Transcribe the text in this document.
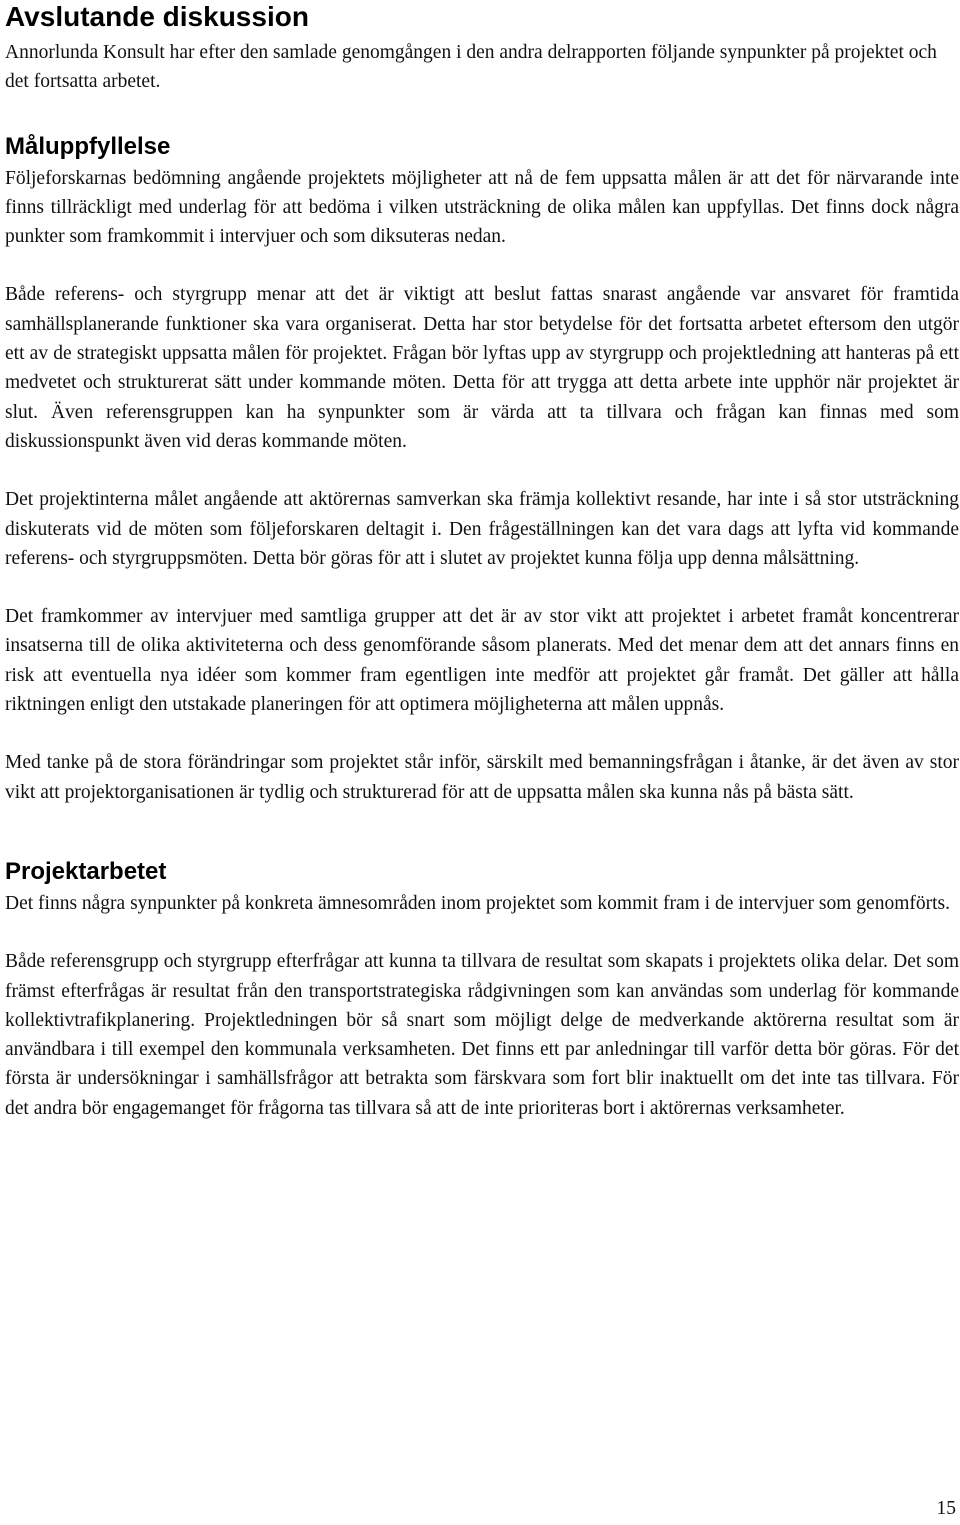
Avslutande diskussion

Annorlunda Konsult har efter den samlade genomgången i den andra delrapporten följande synpunkter på projektet och det fortsatta arbetet.

Måluppfyllelse

Följeforskarnas bedömning angående projektets möjligheter att nå de fem uppsatta målen är att det för närvarande inte finns tillräckligt med underlag för att bedöma i vilken utsträckning de olika målen kan uppfyllas. Det finns dock några punkter som framkommit i intervjuer och som diksuteras nedan.

Både referens- och styrgrupp menar att det är viktigt att beslut fattas snarast angående var ansvaret för framtida samhällsplanerande funktioner ska vara organiserat. Detta har stor betydelse för det fortsatta arbetet eftersom den utgör ett av de strategiskt uppsatta målen för projektet. Frågan bör lyftas upp av styrgrupp och projektledning att hanteras på ett medvetet och strukturerat sätt under kommande möten. Detta för att trygga att detta arbete inte upphör när projektet är slut. Även referensgruppen kan ha synpunkter som är värda att ta tillvara och frågan kan finnas med som diskussionspunkt även vid deras kommande möten.

Det projektinterna målet angående att aktörernas samverkan ska främja kollektivt resande, har inte i så stor utsträckning diskuterats vid de möten som följeforskaren deltagit i. Den frågeställningen kan det vara dags att lyfta vid kommande referens- och styrgruppsmöten. Detta bör göras för att i slutet av projektet kunna följa upp denna målsättning.

Det framkommer av intervjuer med samtliga grupper att det är av stor vikt att projektet i arbetet framåt koncentrerar insatserna till de olika aktiviteterna och dess genomförande såsom planerats. Med det menar dem att det annars finns en risk att eventuella nya idéer som kommer fram egentligen inte medför att projektet går framåt. Det gäller att hålla riktningen enligt den utstakade planeringen för att optimera möjligheterna att målen uppnås.

Med tanke på de stora förändringar som projektet står inför, särskilt med bemanningsfrågan i åtanke, är det även av stor vikt att projektorganisationen är tydlig och strukturerad för att de uppsatta målen ska kunna nås på bästa sätt.

Projektarbetet

Det finns några synpunkter på konkreta ämnesområden inom projektet som kommit fram i de intervjuer som genomförts.

Både referensgrupp och styrgrupp efterfrågar att kunna ta tillvara de resultat som skapats i projektets olika delar. Det som främst efterfrågas är resultat från den transportstrategiska rådgivningen som kan användas som underlag för kommande kollektivtrafikplanering. Projektledningen bör så snart som möjligt delge de medverkande aktörerna resultat som är användbara i till exempel den kommunala verksamheten. Det finns ett par anledningar till varför detta bör göras. För det första är undersökningar i samhällsfrågor att betrakta som färskvara som fort blir inaktuellt om det inte tas tillvara. För det andra bör engagemanget för frågorna tas tillvara så att de inte prioriteras bort i aktörernas verksamheter.

15
